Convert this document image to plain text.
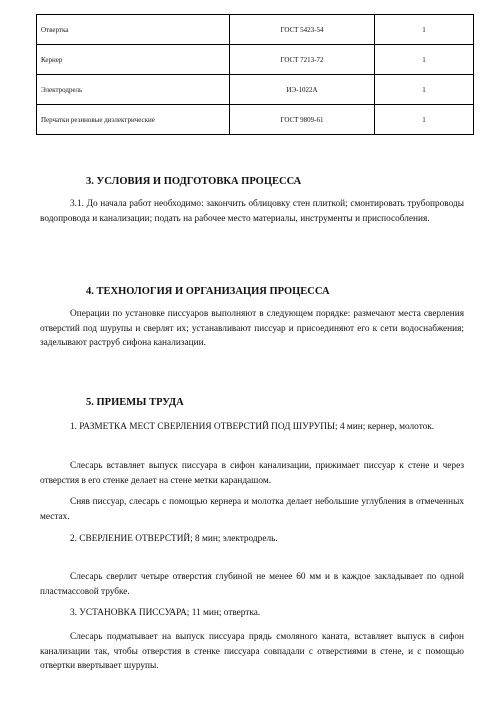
Отвертка	ГОСТ 5423-54	1
Кернер	ГОСТ 7213-72	1
Электродрель	ИЭ-1022А	1
Перчатки резиновые диэлектрические	ГОСТ 9809-61	1
3. УСЛОВИЯ И ПОДГОТОВКА ПРОЦЕССА
3.1. До начала работ необходимо: закончить облицовку стен плиткой; смонтировать трубопроводы водопровода и канализации; подать на рабочее место материалы, инструменты и приспособления.
4. ТЕХНОЛОГИЯ И ОРГАНИЗАЦИЯ ПРОЦЕССА
Операции по установке писсуаров выполняют в следующем порядке: размечают места сверления отверстий под шурупы и сверлят их; устанавливают писсуар и присоединяют его к сети водоснабжения; заделывают раструб сифона канализации.
5. ПРИЕМЫ ТРУДА
1. РАЗМЕТКА МЕСТ СВЕРЛЕНИЯ ОТВЕРСТИЙ ПОД ШУРУПЫ; 4 мин; кернер, молоток.
Слесарь вставляет выпуск писсуара в сифон канализации, прижимает писсуар к стене и через отверстия в его стенке делает на стене метки карандашом.
Сняв писсуар, слесарь с помощью кернера и молотка делает небольшие углубления в отмеченных местах.
2. СВЕРЛЕНИЕ ОТВЕРСТИЙ; 8 мин; электродрель.
Слесарь сверлит четыре отверстия глубиной не менее 60 мм и в каждое закладывает по одной пластмассовой трубке.
3. УСТАНОВКА ПИССУАРА; 11 мин; отвертка.
Слесарь подматывает на выпуск писсуара прядь смоляного каната, вставляет выпуск в сифон канализации так, чтобы отверстия в стенке писсуара совпадали с отверстиями в стене, и с помощью отвертки ввертывает шурупы.
